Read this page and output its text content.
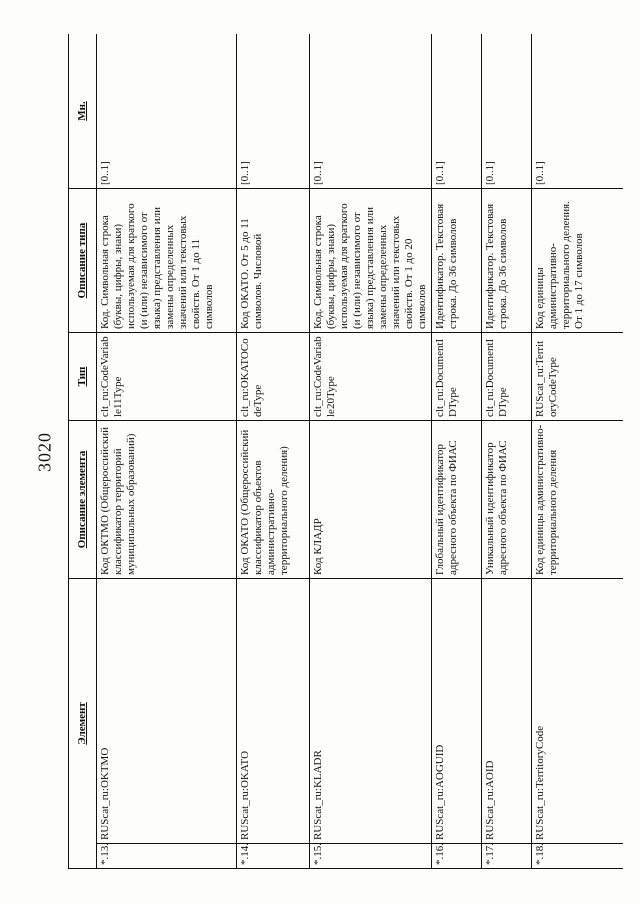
3020
Элемент		Описание элемента	Тип	Описание типа	Мн.
*.13.	RUScat_ru:OKTMO	Код ОКТМО (Общероссийский классификатор территорий муниципальных образований)	clt_ru:CodeVariable11Type	Код. Символьная строка (буквы, цифры, знаки) используемая для краткого (и (или) независимого от языка) представления или замены определенных значений или текстовых свойств. От 1 до 11 символов	[0..1]
*.14.	RUScat_ru:OKATO	Код ОКАТО (Общероссийский классификатор объектов административно-территориального деления)	clt_ru:OKATOCodeType	Код ОКАТО. От 5 до 11 символов. Числовой	[0..1]
*.15.	RUScat_ru:KLADR	Код КЛАДР	clt_ru:CodeVariable20Type	Код. Символьная строка (буквы, цифры, знаки) используемая для краткого (и (или) независимого от языка) представления или замены определенных значений или текстовых свойств. От 1 до 20 символов	[0..1]
*.16.	RUScat_ru:AOGUID	Глобальный идентификатор адресного объекта по ФИАС	clt_ru:DocumentIDType	Идентификатор. Текстовая строка. До 36 символов	[0..1]
*.17.	RUScat_ru:AOID	Уникальный идентификатор адресного объекта по ФИАС	clt_ru:DocumentIDType	Идентификатор. Текстовая строка. До 36 символов	[0..1]
*.18.	RUScat_ru:TerritoryCode	Код единицы административно-территориального деления	RUScat_ru:TerritoryCodeType	Код единицы административно-территориального деления. От 1 до 17 символов	[0..1]
